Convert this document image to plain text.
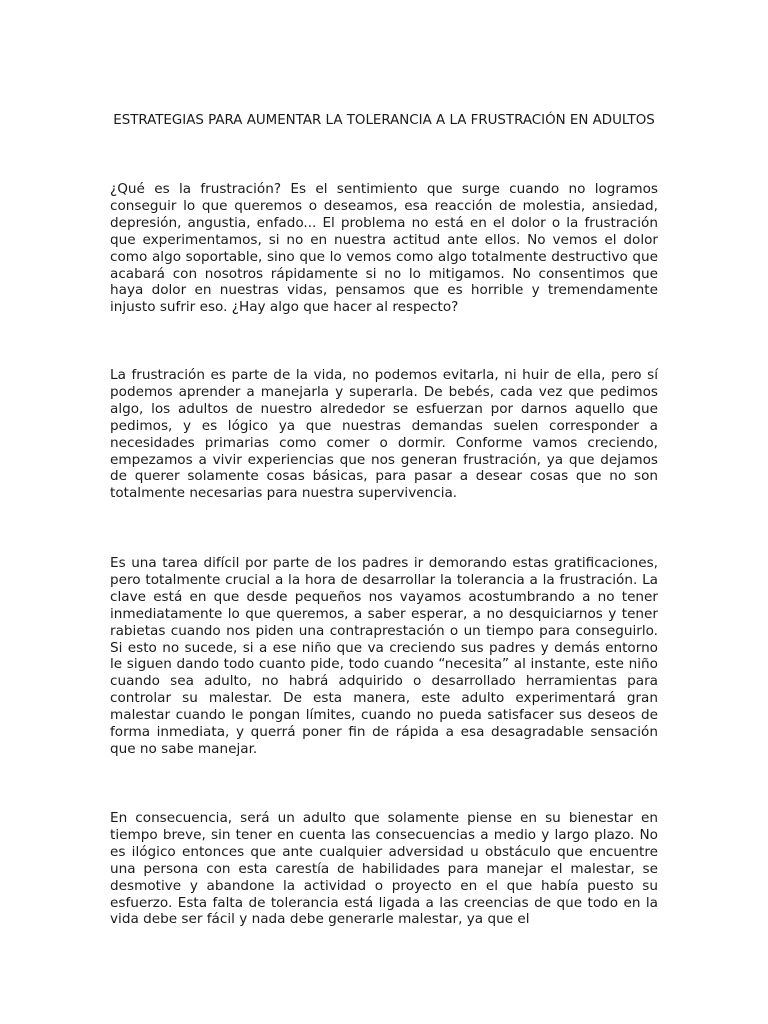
ESTRATEGIAS PARA AUMENTAR LA TOLERANCIA A LA FRUSTRACIÓN EN ADULTOS

¿Qué es la frustración? Es el sentimiento que surge cuando no logramos conseguir lo que queremos o deseamos, esa reacción de molestia, ansiedad, depresión, angustia, enfado... El problema no está en el dolor o la frustración que experimentamos, si no en nuestra actitud ante ellos. No vemos el dolor como algo soportable, sino que lo vemos como algo totalmente destructivo que acabará con nosotros rápidamente si no lo mitigamos. No consentimos que haya dolor en nuestras vidas, pensamos que es horrible y tremendamente injusto sufrir eso. ¿Hay algo que hacer al respecto?

La frustración es parte de la vida, no podemos evitarla, ni huir de ella, pero sí podemos aprender a manejarla y superarla. De bebés, cada vez que pedimos algo, los adultos de nuestro alrededor se esfuerzan por darnos aquello que pedimos, y es lógico ya que nuestras demandas suelen corresponder a necesidades primarias como comer o dormir. Conforme vamos creciendo, empezamos a vivir experiencias que nos generan frustración, ya que dejamos de querer solamente cosas básicas, para pasar a desear cosas que no son totalmente necesarias para nuestra supervivencia.

Es una tarea difícil por parte de los padres ir demorando estas gratificaciones, pero totalmente crucial a la hora de desarrollar la tolerancia a la frustración. La clave está en que desde pequeños nos vayamos acostumbrando a no tener inmediatamente lo que queremos, a saber esperar, a no desquiciarnos y tener rabietas cuando nos piden una contraprestación o un tiempo para conseguirlo. Si esto no sucede, si a ese niño que va creciendo sus padres y demás entorno le siguen dando todo cuanto pide, todo cuando “necesita” al instante, este niño cuando sea adulto, no habrá adquirido o desarrollado herramientas para controlar su malestar. De esta manera, este adulto experimentará gran malestar cuando le pongan límites, cuando no pueda satisfacer sus deseos de forma inmediata, y querrá poner fin de rápida a esa desagradable sensación que no sabe manejar.

En consecuencia, será un adulto que solamente piense en su bienestar en tiempo breve, sin tener en cuenta las consecuencias a medio y largo plazo. No es ilógico entonces que ante cualquier adversidad u obstáculo que encuentre una persona con esta carestía de habilidades para manejar el malestar, se desmotive y abandone la actividad o proyecto en el que había puesto su esfuerzo. Esta falta de tolerancia está ligada a las creencias de que todo en la vida debe ser fácil y nada debe generarle malestar, ya que el
